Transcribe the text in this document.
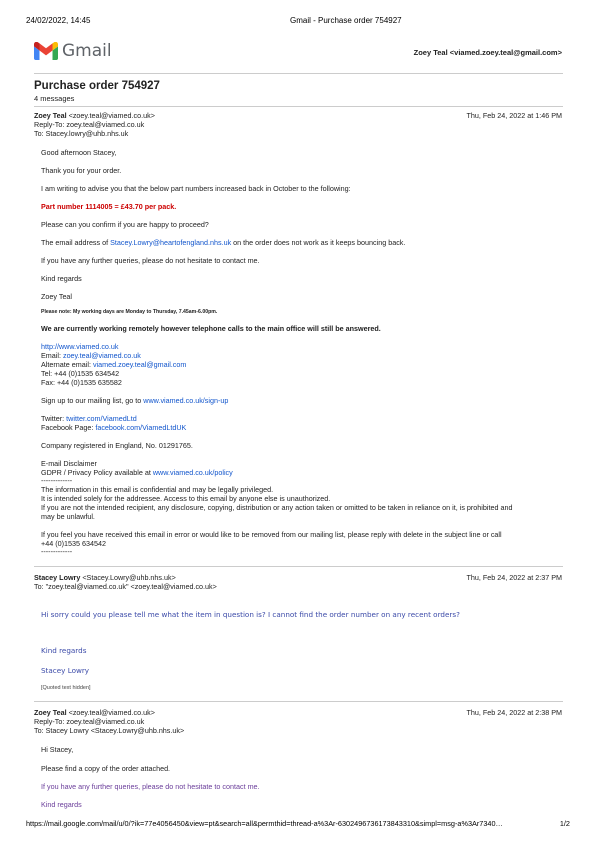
24/02/2022, 14:45	Gmail - Purchase order 754927
Gmail	Zoey Teal <viamed.zoey.teal@gmail.com>
Purchase order 754927
4 messages
Zoey Teal <zoey.teal@viamed.co.uk>	Thu, Feb 24, 2022 at 1:46 PM
Reply-To: zoey.teal@viamed.co.uk
To: Stacey.lowry@uhb.nhs.uk
Good afternoon Stacey,
Thank you for your order.
I am writing to advise you that the below part numbers increased back in October to the following:
Part number 1114005 = £43.70 per pack.
Please can you confirm if you are happy to proceed?
The email address of Stacey.Lowry@heartofengland.nhs.uk on the order does not work as it keeps bouncing back.
If you have any further queries, please do not hesitate to contact me.
Kind regards
Zoey Teal
Please note: My working days are Monday to Thursday, 7.45am-6.00pm.
We are currently working remotely however telephone calls to the main office will still be answered.
http://www.viamed.co.uk
Email: zoey.teal@viamed.co.uk
Alternate email: viamed.zoey.teal@gmail.com
Tel: +44 (0)1535 634542
Fax: +44 (0)1535 635582
Sign up to our mailing list, go to www.viamed.co.uk/sign-up
Twitter: twitter.com/ViamedLtd
Facebook Page: facebook.com/ViamedLtdUK
Company registered in England, No. 01291765.
E-mail Disclaimer
GDPR / Privacy Policy available at www.viamed.co.uk/policy
-------------
The information in this email is confidential and may be legally privileged.
It is intended solely for the addressee. Access to this email by anyone else is unauthorized.
If you are not the intended recipient, any disclosure, copying, distribution or any action taken or omitted to be taken in reliance on it, is prohibited and
may be unlawful.
If you feel you have received this email in error or would like to be removed from our mailing list, please reply with delete in the subject line or call
+44 (0)1535 634542
-------------
Stacey Lowry <Stacey.Lowry@uhb.nhs.uk>	Thu, Feb 24, 2022 at 2:37 PM
To: "zoey.teal@viamed.co.uk" <zoey.teal@viamed.co.uk>
Hi sorry could you please tell me what the item in question is? I cannot find the order number on any recent orders?
Kind regards
Stacey Lowry
[Quoted text hidden]
Zoey Teal <zoey.teal@viamed.co.uk>	Thu, Feb 24, 2022 at 2:38 PM
Reply-To: zoey.teal@viamed.co.uk
To: Stacey Lowry <Stacey.Lowry@uhb.nhs.uk>
Hi Stacey,
Please find a copy of the order attached.
If you have any further queries, please do not hesitate to contact me.
Kind regards
https://mail.google.com/mail/u/0/?ik=77e4056450&view=pt&search=all&permthid=thread-a%3Ar-6302496736173843310&simpl=msg-a%3Ar7340…	1/2
